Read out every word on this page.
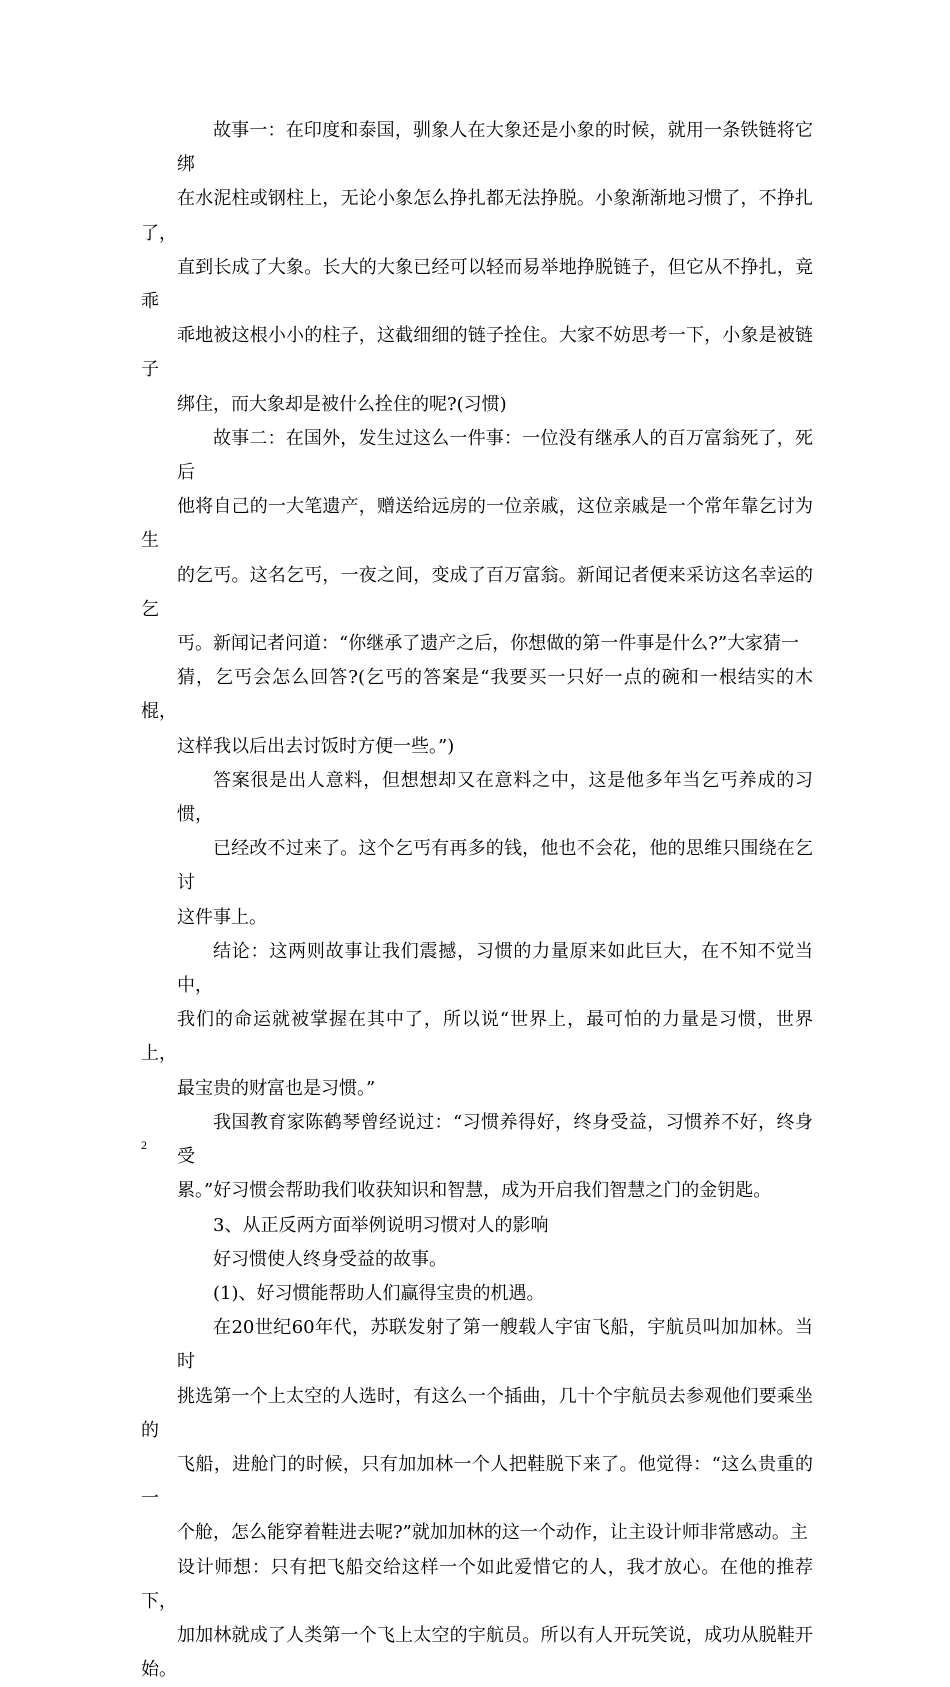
故事一：在印度和泰国，驯象人在大象还是小象的时候，就用一条铁链将它绑
在水泥柱或钢柱上，无论小象怎么挣扎都无法挣脱。小象渐渐地习惯了，不挣扎了，
直到长成了大象。长大的大象已经可以轻而易举地挣脱链子，但它从不挣扎，竟乖
乖地被这根小小的柱子，这截细细的链子拴住。大家不妨思考一下，小象是被链子
绑住，而大象却是被什么拴住的呢?(习惯)

故事二：在国外，发生过这么一件事：一位没有继承人的百万富翁死了，死后
他将自己的一大笔遗产，赠送给远房的一位亲戚，这位亲戚是一个常年靠乞讨为生
的乞丐。这名乞丐，一夜之间，变成了百万富翁。新闻记者便来采访这名幸运的乞
丐。新闻记者问道：“你继承了遗产之后，你想做的第一件事是什么?”大家猜一
猜，乞丐会怎么回答?(乞丐的答案是“我要买一只好一点的碗和一根结实的木棍，
这样我以后出去讨饭时方便一些。”)

答案很是出人意料，但想想却又在意料之中，这是他多年当乞丐养成的习惯，
已经改不过来了。这个乞丐有再多的钱，他也不会花，他的思维只围绕在乞讨
这件事上。

结论：这两则故事让我们震撼，习惯的力量原来如此巨大，在不知不觉当中，
我们的命运就被掌握在其中了，所以说“世界上，最可怕的力量是习惯，世界上，
最宝贵的财富也是习惯。”

我国教育家陈鹤琴曾经说过：“习惯养得好，终身受益，习惯养不好，终身受
累。”好习惯会帮助我们收获知识和智慧，成为开启我们智慧之门的金钥匙。

3、从正反两方面举例说明习惯对人的影响

好习惯使人终身受益的故事。

(1)、好习惯能帮助人们赢得宝贵的机遇。

在20世纪60年代，苏联发射了第一艘载人宇宙飞船，宇航员叫加加林。当时
挑选第一个上太空的人选时，有这么一个插曲，几十个宇航员去参观他们要乘坐的
飞船，进舱门的时候，只有加加林一个人把鞋脱下来了。他觉得：“这么贵重的一
个舱，怎么能穿着鞋进去呢?”就加加林的这一个动作，让主设计师非常感动。主
设计师想：只有把飞船交给这样一个如此爱惜它的人，我才放心。在他的推荐下，
加加林就成了人类第一个飞上太空的宇航员。所以有人开玩笑说，成功从脱鞋开始。

2
